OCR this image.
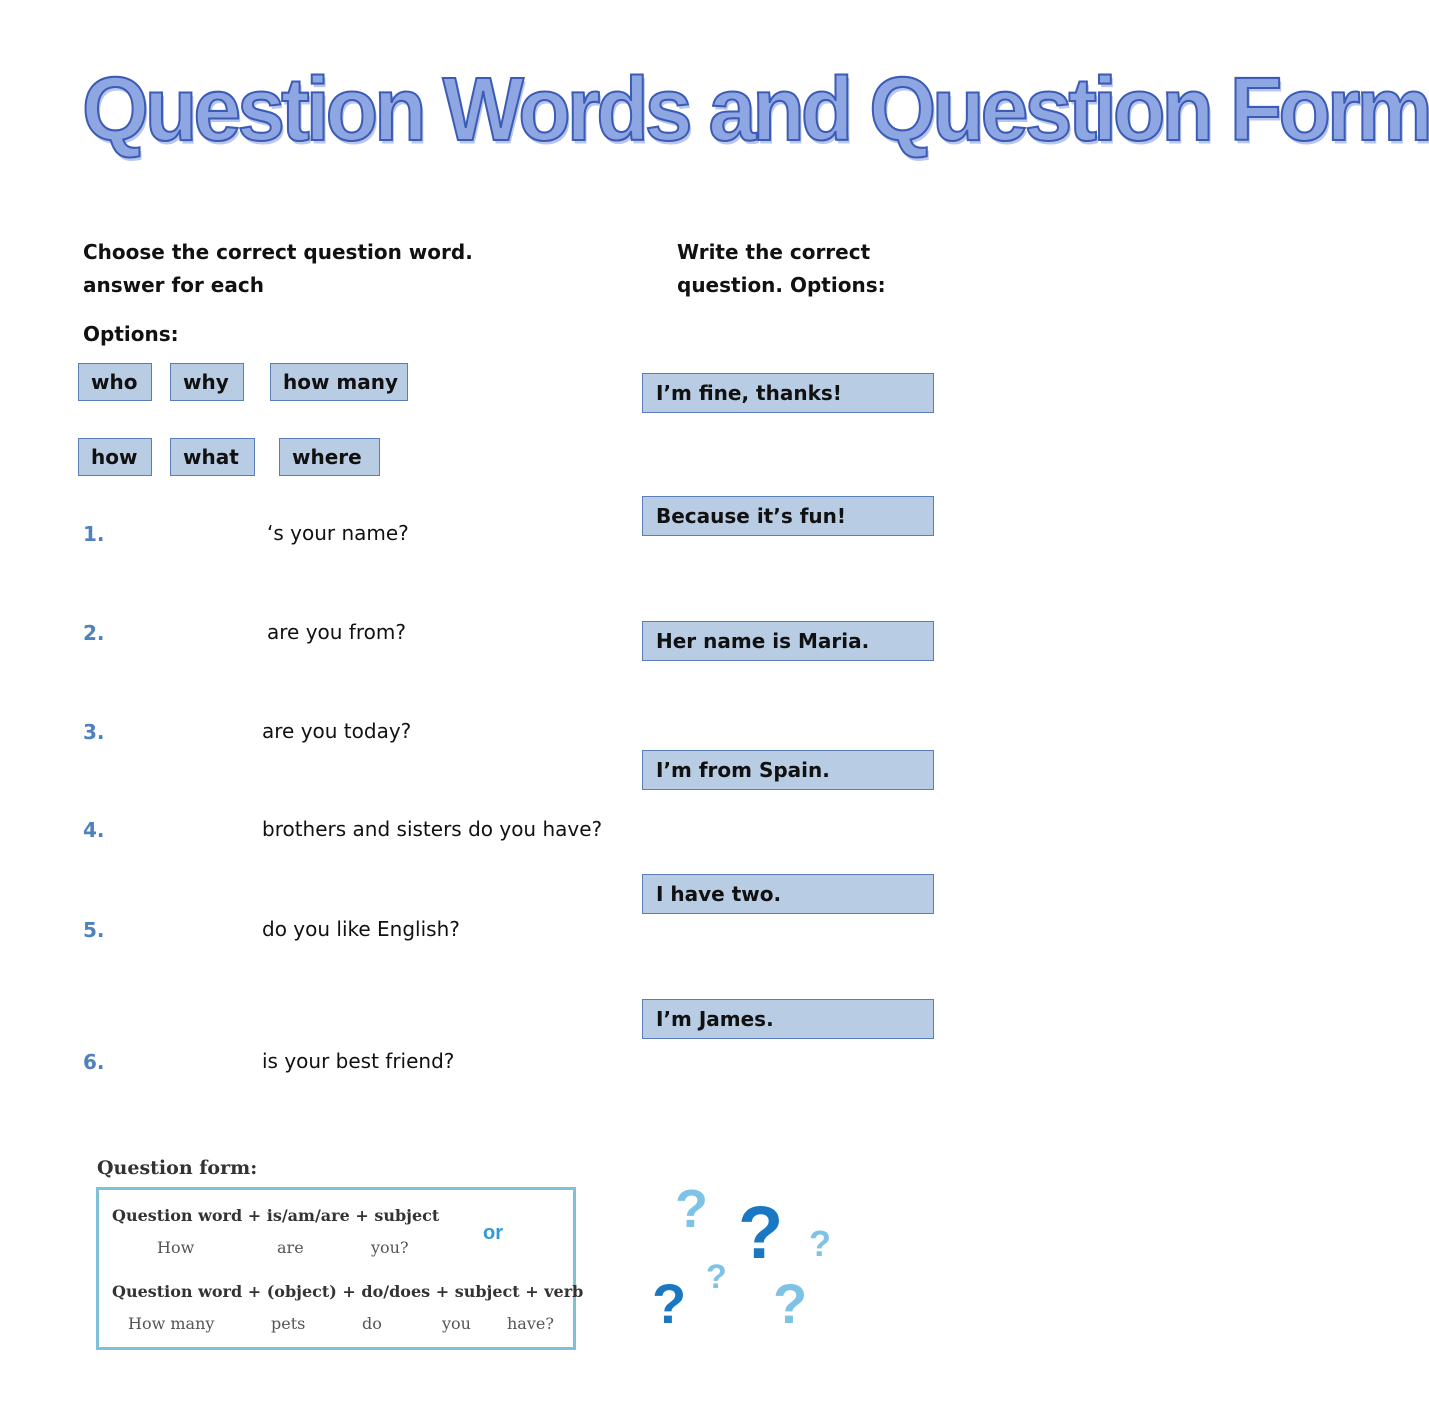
Question Words and Question Form
Choose the correct question word.
answer for each
Write the correct
question. Options:
Options:
who	why	how many
how	what	where
1.	‘s your name?
2.	are you from?
3.	are you today?
4.	brothers and sisters do you have?
5.	do you like English?
6.	is your best friend?
I’m fine, thanks!
Because it’s fun!
Her name is Maria.
I’m from Spain.
I have two.
I’m James.
Question form:
Question word + is/am/are + subject
How	are	you?
or
Question word + (object) + do/does + subject + verb
How many	pets	do	you have?
? ? ?
?
? ?
